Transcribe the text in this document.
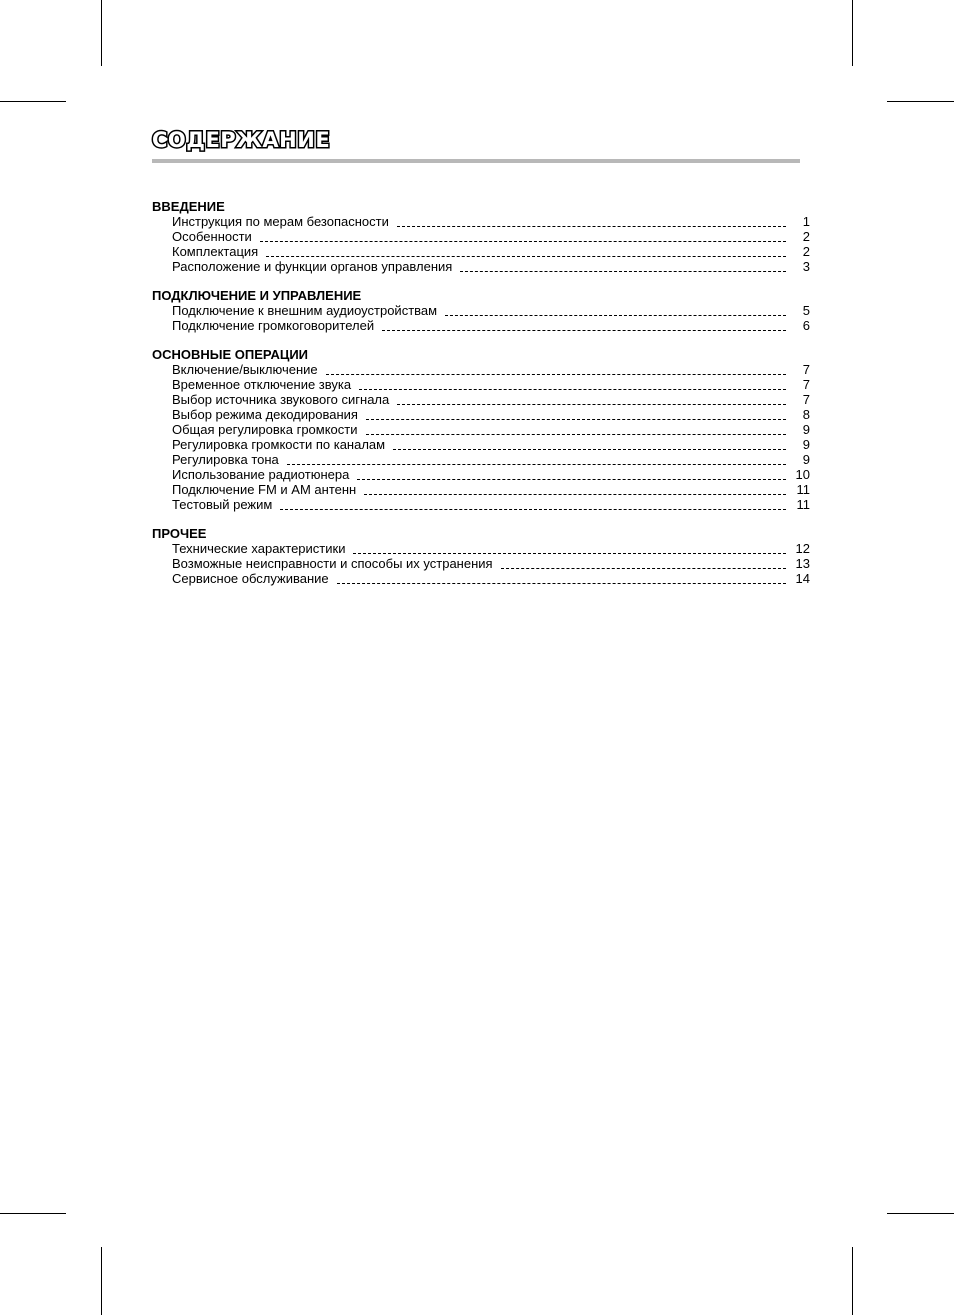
СОДЕРЖАНИЕ
ВВЕДЕНИЕ
Инструкция по мерам безопасности	1
Особенности	2
Комплектация	2
Расположение и функции органов управления	3
ПОДКЛЮЧЕНИЕ И УПРАВЛЕНИЕ
Подключение к внешним аудиоустройствам	5
Подключение громкоговорителей	6
ОСНОВНЫЕ ОПЕРАЦИИ
Включение/выключение	7
Временное отключение звука	7
Выбор источника звукового сигнала	7
Выбор режима декодирования	8
Общая регулировка громкости	9
Регулировка громкости по каналам	9
Регулировка тона	9
Использование радиотюнера	10
Подключение FM и AM антенн	11
Тестовый режим	11
ПРОЧЕЕ
Технические характеристики	12
Возможные неисправности и способы их устранения	13
Сервисное обслуживание	14
